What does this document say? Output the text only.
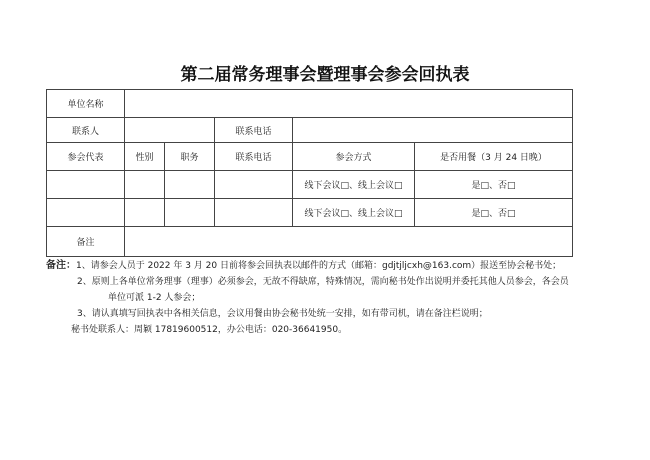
第二届常务理事会暨理事会参会回执表
单位名称					
联系人			联系电话		
参会代表	性别	职务	联系电话	参会方式	是否用餐（3 月 24 日晚）
				线下会议□、线上会议□	是□、否□
				线下会议□、线上会议□	是□、否□
备注					

备注：1、请参会人员于 2022 年 3 月 20 日前将参会回执表以邮件的方式（邮箱：gdjtjljcxh@163.com）报送至协会秘书处；

2、原则上各单位常务理事（理事）必须参会，无故不得缺席，特殊情况，需向秘书处作出说明并委托其他人员参会，各会员

单位可派 1-2 人参会；

3、请认真填写回执表中各相关信息，会议用餐由协会秘书处统一安排，如有带司机，请在备注栏说明；

秘书处联系人：周颖 17819600512，办公电话：020-36641950。
